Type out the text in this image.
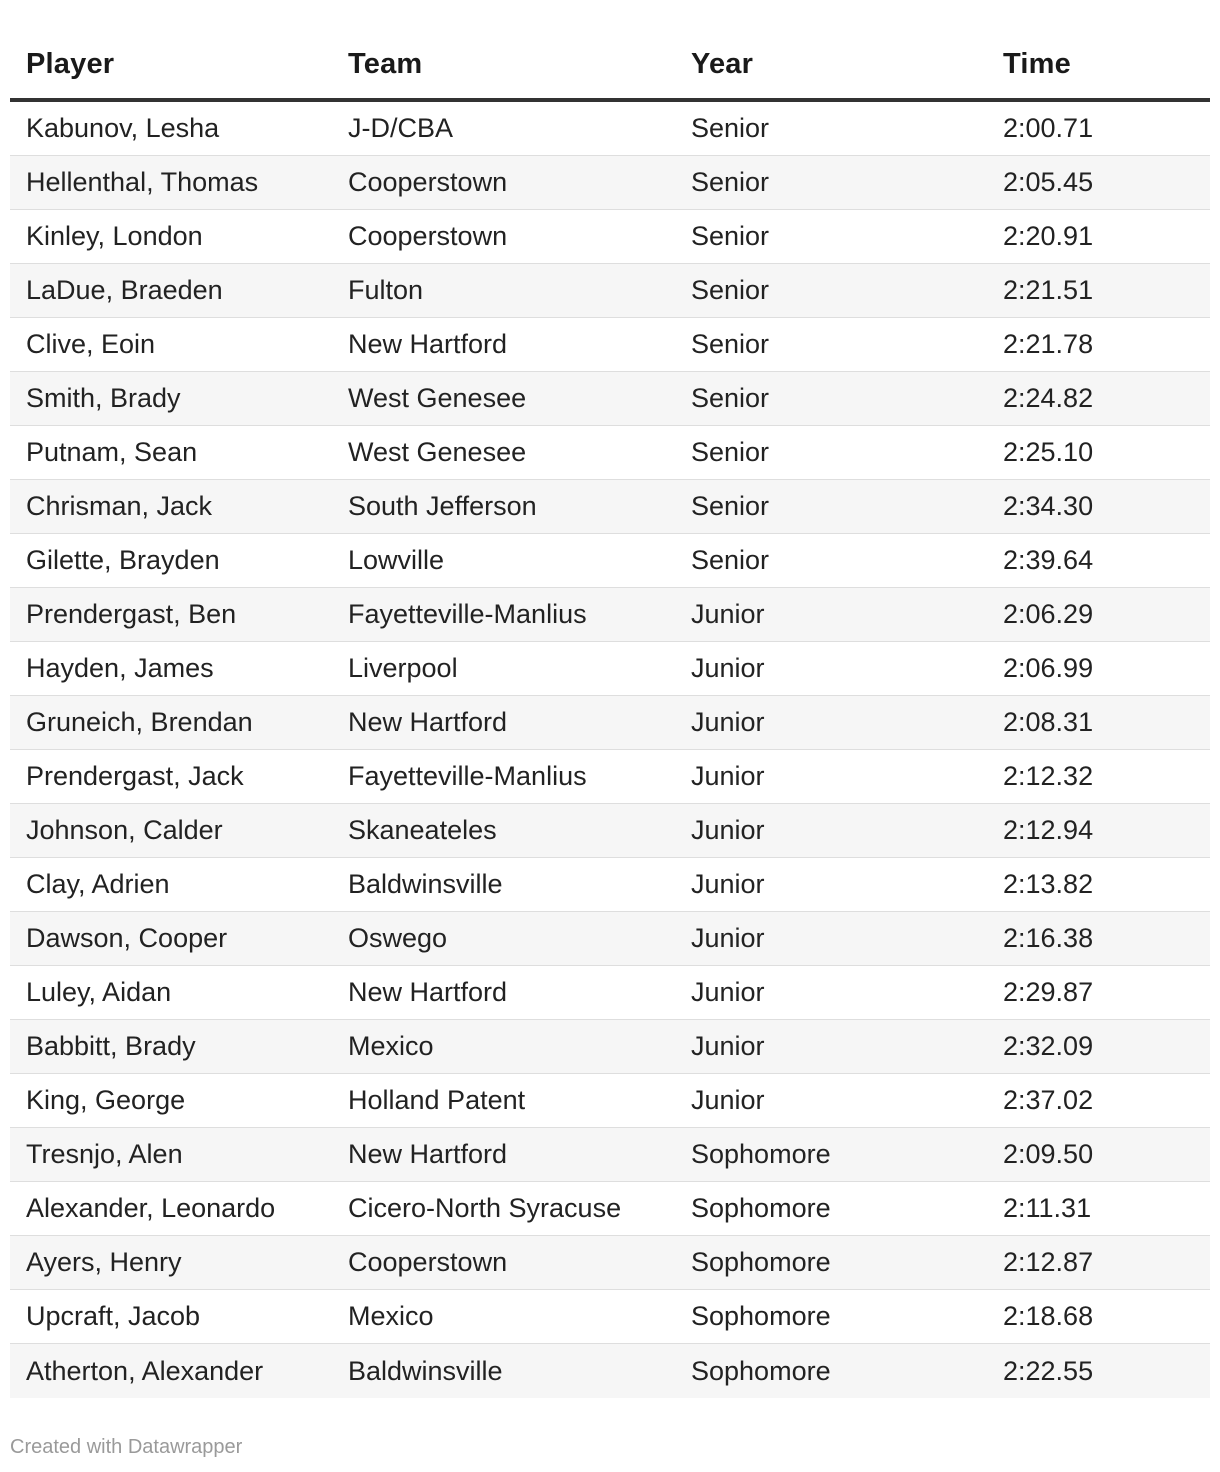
Player	Team	Year	Time
Kabunov, Lesha	J-D/CBA	Senior	2:00.71
Hellenthal, Thomas	Cooperstown	Senior	2:05.45
Kinley, London	Cooperstown	Senior	2:20.91
LaDue, Braeden	Fulton	Senior	2:21.51
Clive, Eoin	New Hartford	Senior	2:21.78
Smith, Brady	West Genesee	Senior	2:24.82
Putnam, Sean	West Genesee	Senior	2:25.10
Chrisman, Jack	South Jefferson	Senior	2:34.30
Gilette, Brayden	Lowville	Senior	2:39.64
Prendergast, Ben	Fayetteville-Manlius	Junior	2:06.29
Hayden, James	Liverpool	Junior	2:06.99
Gruneich, Brendan	New Hartford	Junior	2:08.31
Prendergast, Jack	Fayetteville-Manlius	Junior	2:12.32
Johnson, Calder	Skaneateles	Junior	2:12.94
Clay, Adrien	Baldwinsville	Junior	2:13.82
Dawson, Cooper	Oswego	Junior	2:16.38
Luley, Aidan	New Hartford	Junior	2:29.87
Babbitt, Brady	Mexico	Junior	2:32.09
King, George	Holland Patent	Junior	2:37.02
Tresnjo, Alen	New Hartford	Sophomore	2:09.50
Alexander, Leonardo	Cicero-North Syracuse	Sophomore	2:11.31
Ayers, Henry	Cooperstown	Sophomore	2:12.87
Upcraft, Jacob	Mexico	Sophomore	2:18.68
Atherton, Alexander	Baldwinsville	Sophomore	2:22.55
Created with Datawrapper
